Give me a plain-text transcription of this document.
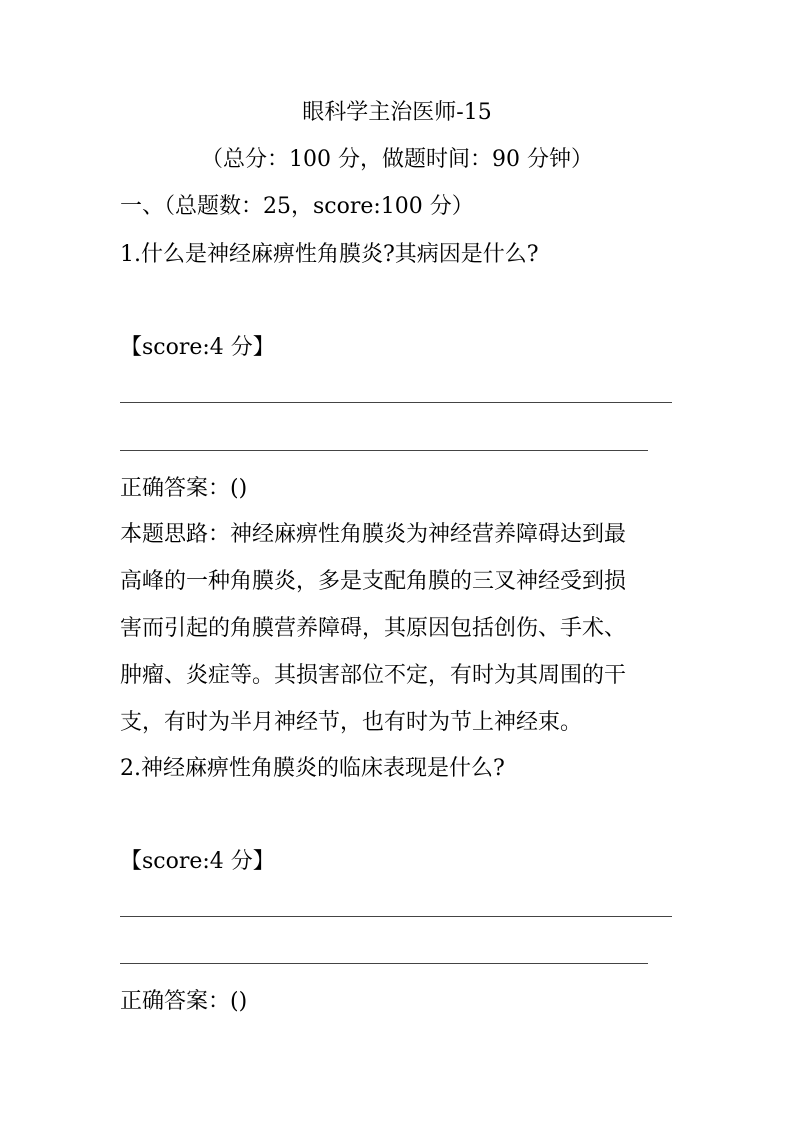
眼科学主治医师-15

（总分：100 分，做题时间：90 分钟）

一、（总题数：25，score:100 分）

1.什么是神经麻痹性角膜炎?其病因是什么?

【score:4 分】

正确答案：()

本题思路：神经麻痹性角膜炎为神经营养障碍达到最

高峰的一种角膜炎，多是支配角膜的三叉神经受到损

害而引起的角膜营养障碍，其原因包括创伤、手术、

肿瘤、炎症等。其损害部位不定，有时为其周围的干

支，有时为半月神经节，也有时为节上神经束。

2.神经麻痹性角膜炎的临床表现是什么?

【score:4 分】

正确答案：()
